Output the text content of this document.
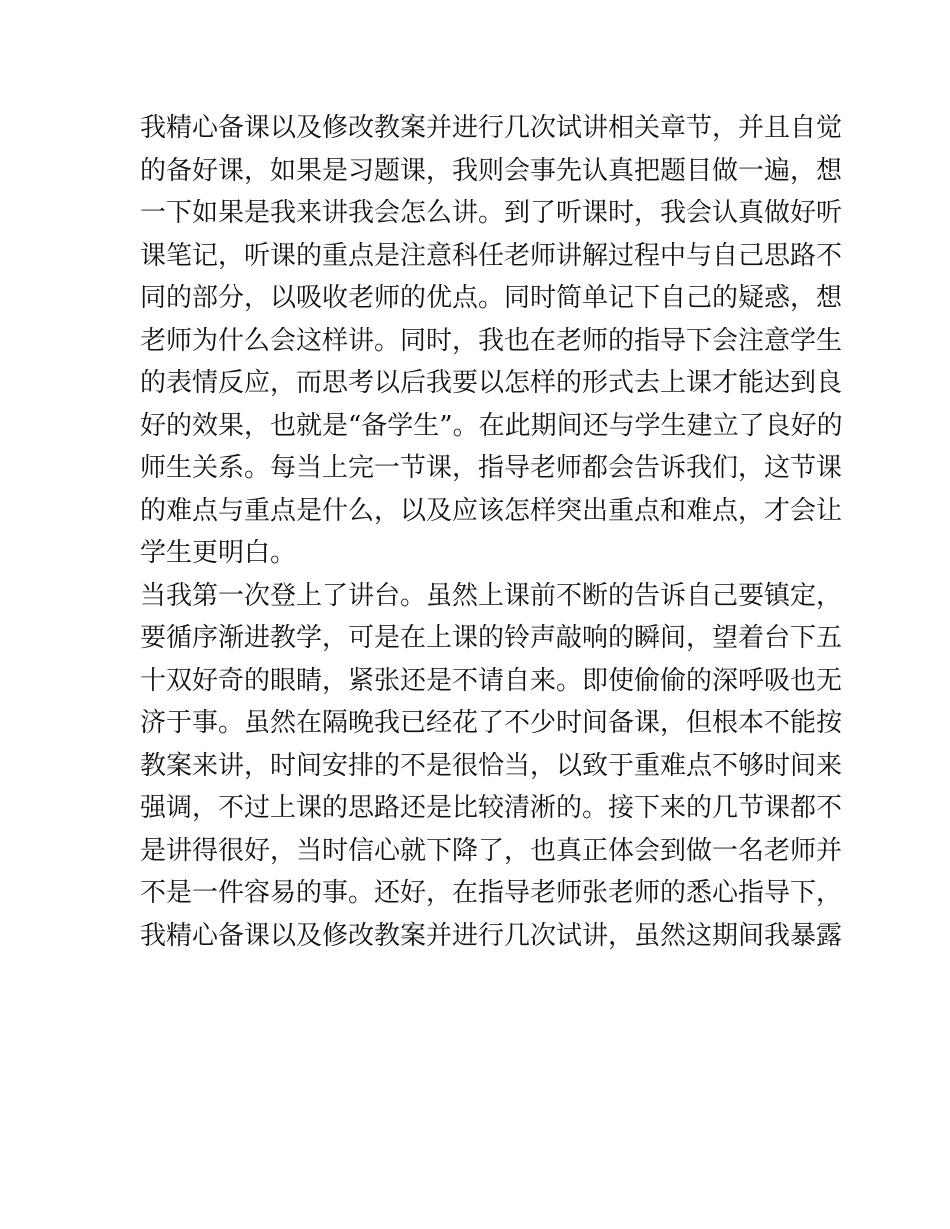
我精心备课以及修改教案并进行几次试讲相关章节，并且自觉
的备好课，如果是习题课，我则会事先认真把题目做一遍，想
一下如果是我来讲我会怎么讲。到了听课时，我会认真做好听
课笔记，听课的重点是注意科任老师讲解过程中与自己思路不
同的部分，以吸收老师的优点。同时简单记下自己的疑惑，想
老师为什么会这样讲。同时，我也在老师的指导下会注意学生
的表情反应，而思考以后我要以怎样的形式去上课才能达到良
好的效果，也就是“备学生”。在此期间还与学生建立了良好的
师生关系。每当上完一节课，指导老师都会告诉我们，这节课
的难点与重点是什么，以及应该怎样突出重点和难点，才会让
学生更明白。
当我第一次登上了讲台。虽然上课前不断的告诉自己要镇定，
要循序渐进教学，可是在上课的铃声敲响的瞬间，望着台下五
十双好奇的眼睛，紧张还是不请自来。即使偷偷的深呼吸也无
济于事。虽然在隔晚我已经花了不少时间备课，但根本不能按
教案来讲，时间安排的不是很恰当，以致于重难点不够时间来
强调，不过上课的思路还是比较清淅的。接下来的几节课都不
是讲得很好，当时信心就下降了，也真正体会到做一名老师并
不是一件容易的事。还好，在指导老师张老师的悉心指导下，
我精心备课以及修改教案并进行几次试讲，虽然这期间我暴露
